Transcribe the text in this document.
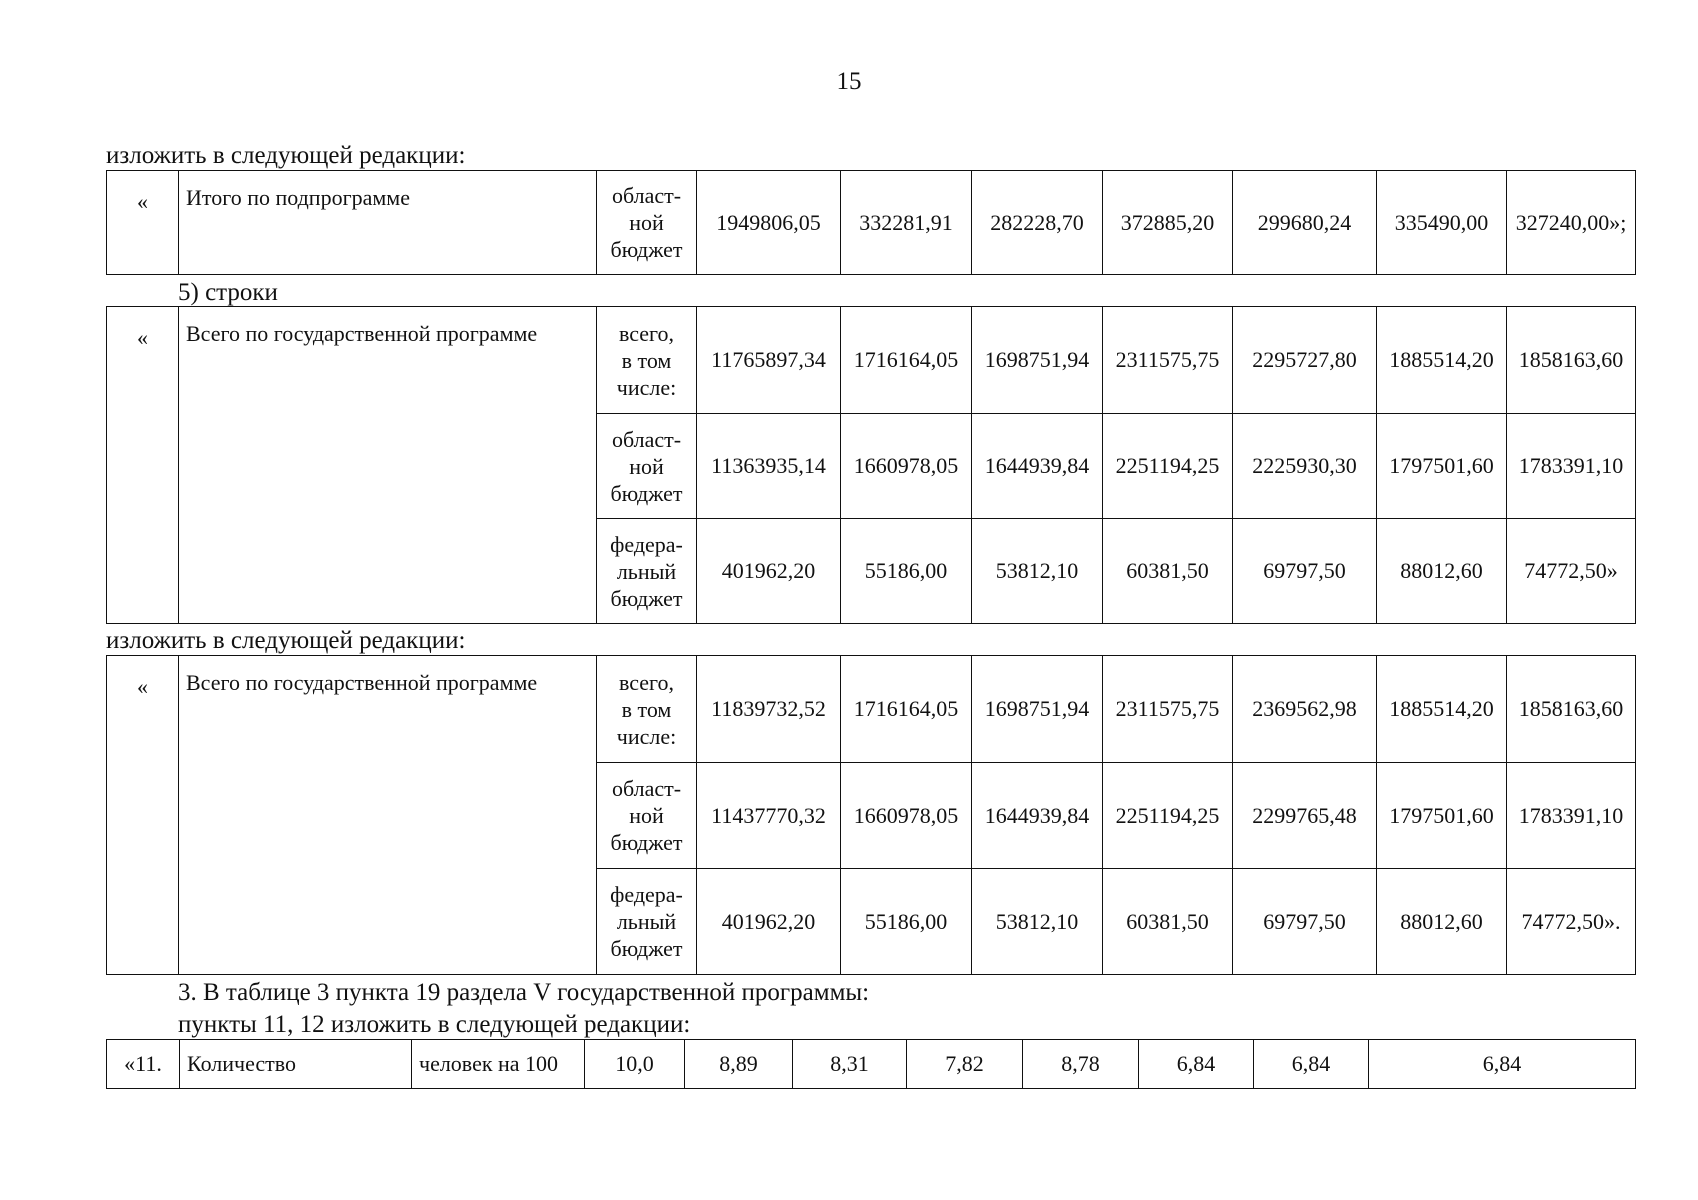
15
изложить в следующей редакции:
«	Итого по подпрограмме	област-
ной
бюджет	1949806,05	332281,91	282228,70	372885,20	299680,24	335490,00	327240,00»;
5) строки
«	Всего по государственной программе	всего,
в том
числе:	11765897,34	1716164,05	1698751,94	2311575,75	2295727,80	1885514,20	1858163,60
		област-
ной
бюджет	11363935,14	1660978,05	1644939,84	2251194,25	2225930,30	1797501,60	1783391,10
		федера-
льный
бюджет	401962,20	55186,00	53812,10	60381,50	69797,50	88012,60	74772,50»
изложить в следующей редакции:
«	Всего по государственной программе	всего,
в том
числе:	11839732,52	1716164,05	1698751,94	2311575,75	2369562,98	1885514,20	1858163,60
		област-
ной
бюджет	11437770,32	1660978,05	1644939,84	2251194,25	2299765,48	1797501,60	1783391,10
		федера-
льный
бюджет	401962,20	55186,00	53812,10	60381,50	69797,50	88012,60	74772,50».
3. В таблице 3 пункта 19 раздела V государственной программы:
пункты 11, 12 изложить в следующей редакции:
«11.	Количество	человек на 100	10,0	8,89	8,31	7,82	8,78	6,84	6,84	6,84
